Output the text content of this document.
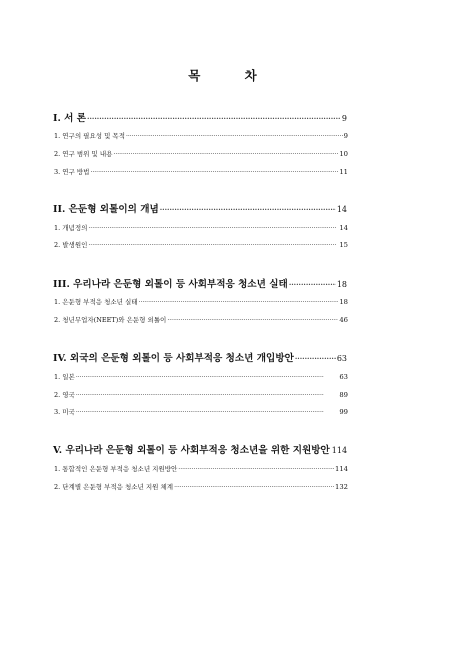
목 차
I. 서 론 ·····	9
1. 연구의 필요성 및 목적 ·····	9
2. 연구 범위 및 내용 ·····	10
3. 연구 방법 ·····	11
II. 은둔형 외톨이의 개념 ·····	14
1. 개념정의 ·····	14
2. 발생원인 ·····	15
III. 우리나라 은둔형 외톨이 등 사회부적응 청소년 실태 ·····	18
1. 은둔형 부적응 청소년 실태 ·····	18
2. 청년무업자(NEET)와 은둔형 외톨이 ·····	46
IV. 외국의 은둔형 외톨이 등 사회부적응 청소년 개입방안 ·····	63
1. 일본 ·····	63
2. 영국 ·····	89
3. 미국 ·····	99
V. 우리나라 은둔형 외톨이 등 사회부적응 청소년을 위한 지원방안 114
1. 통합적인 은둔형 부적응 청소년 지원방안 ·····	114
2. 단계별 은둔형 부적응 청소년 지원 체계 ·····	132
